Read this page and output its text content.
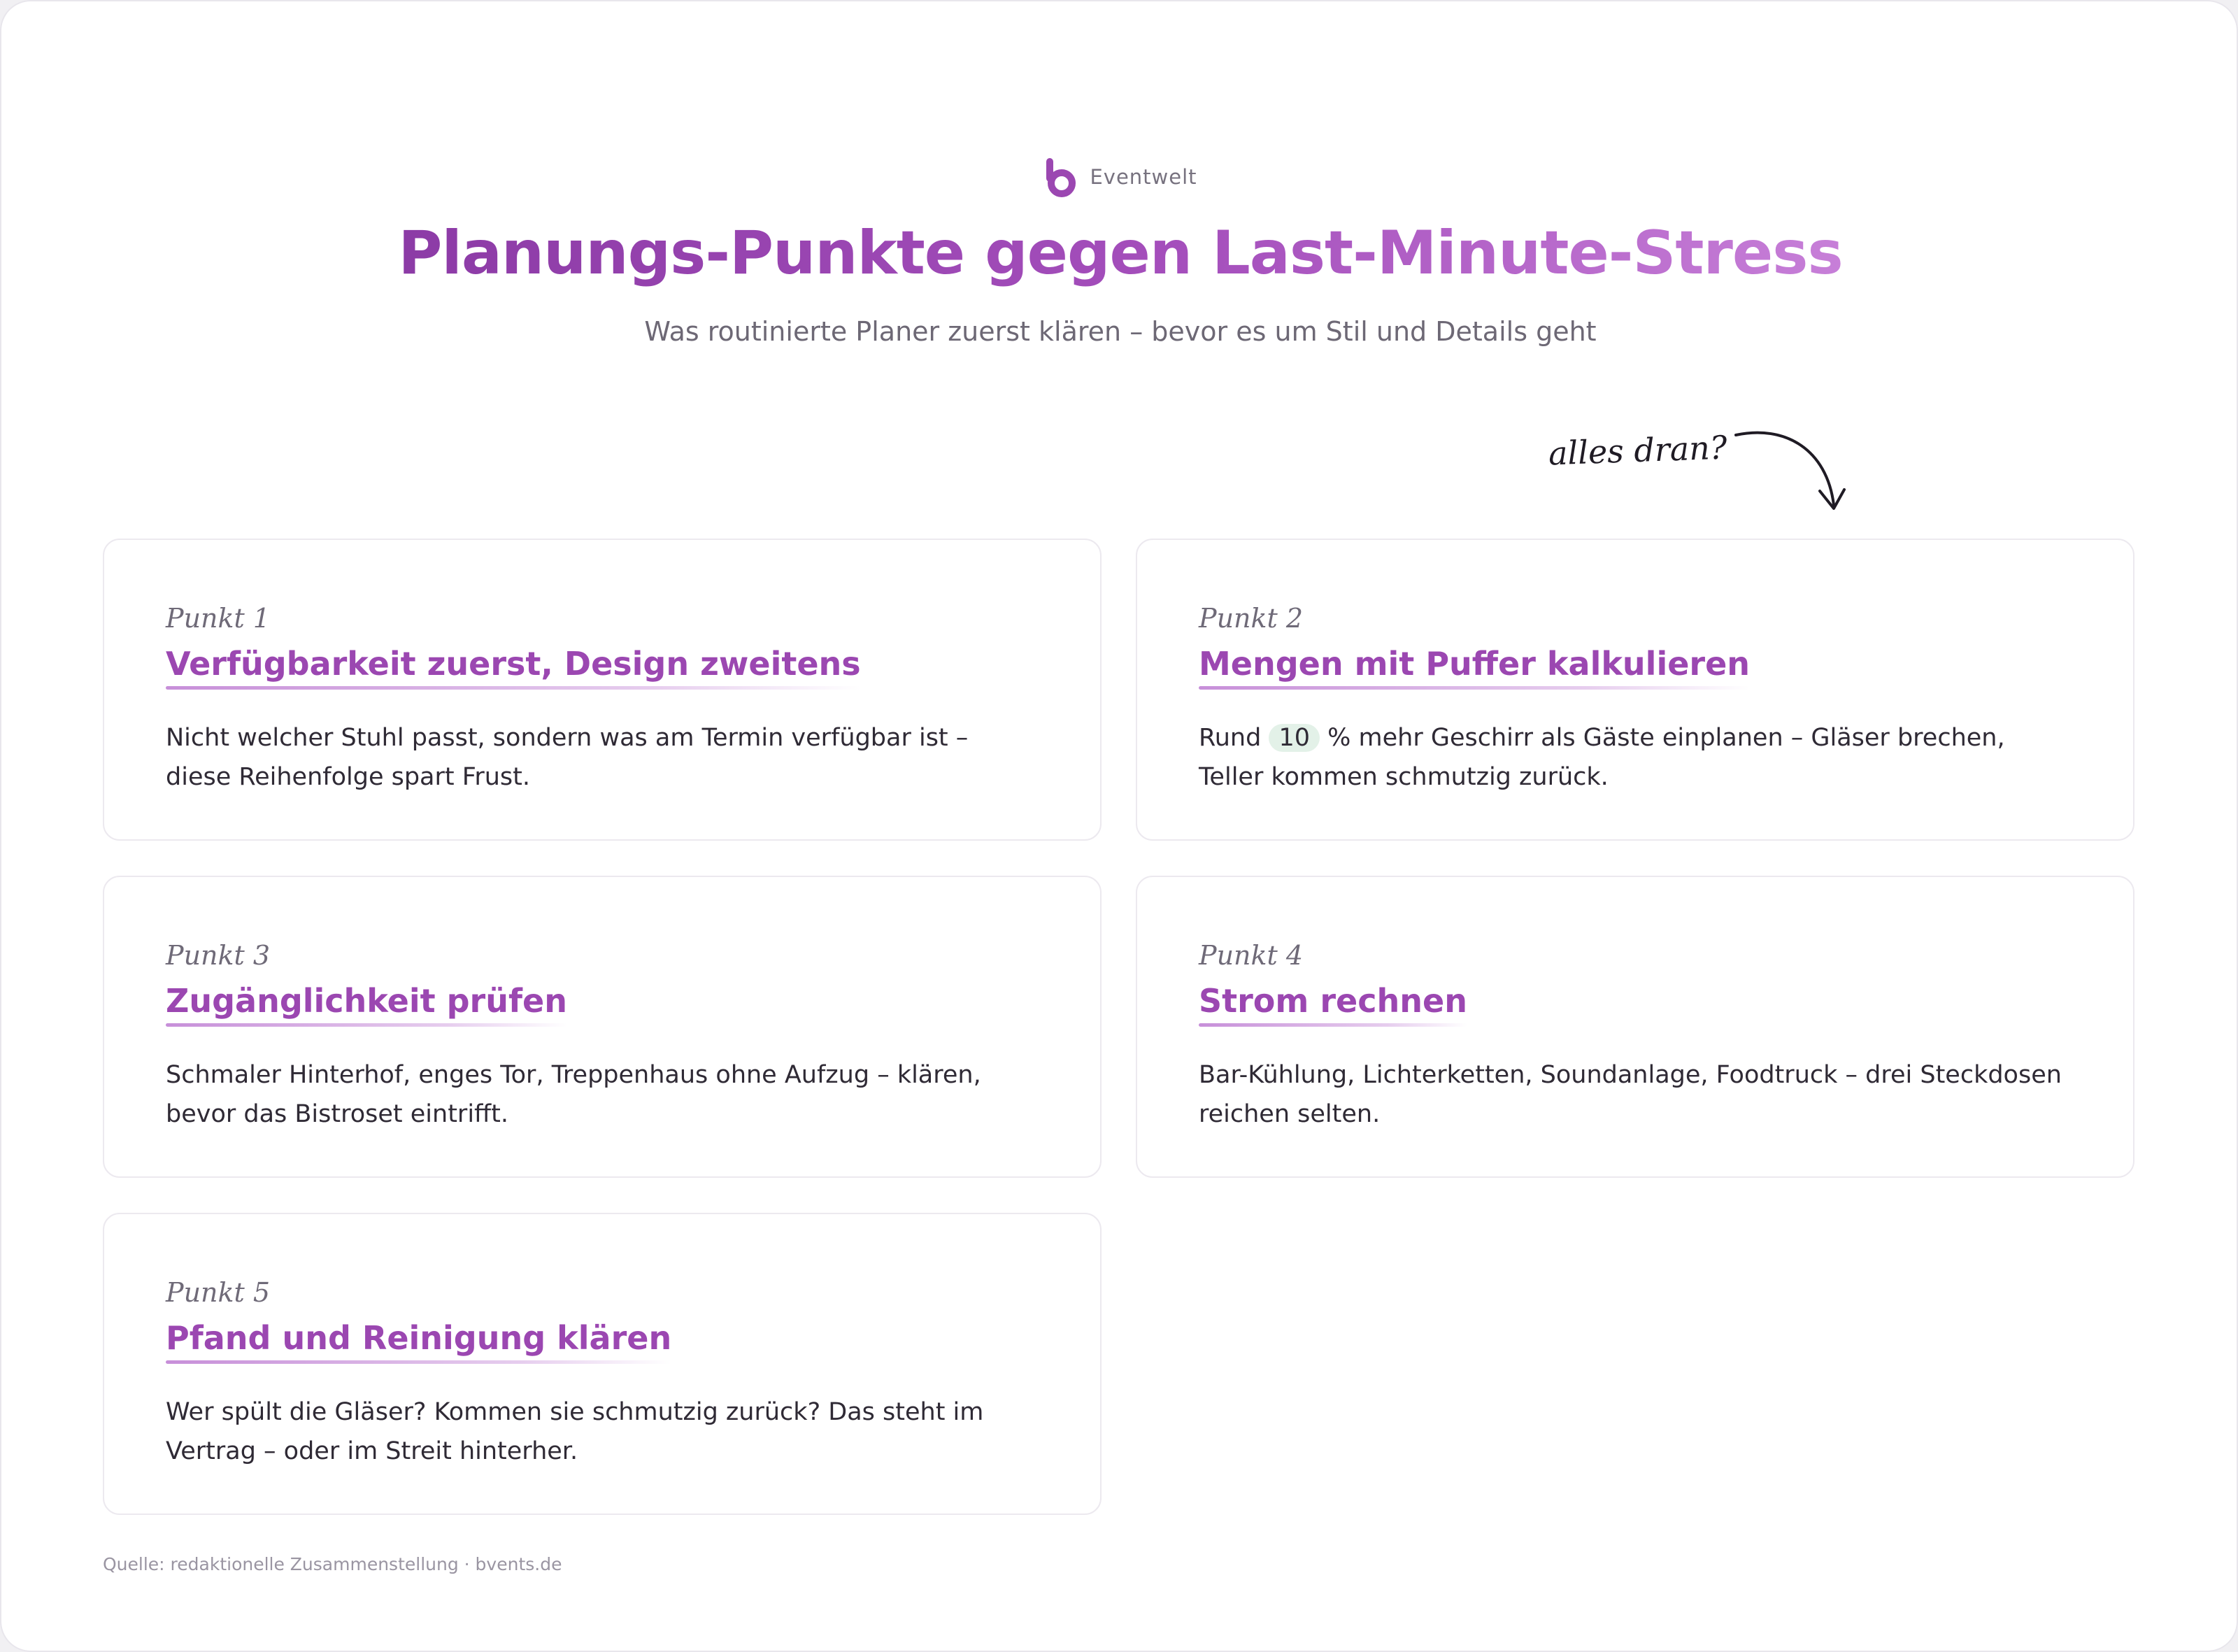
Eventwelt
Planungs-Punkte gegen Last-Minute-Stress
Was routinierte Planer zuerst klären – bevor es um Stil und Details geht
alles dran?
Punkt 1
Verfügbarkeit zuerst, Design zweitens
Nicht welcher Stuhl passt, sondern was am Termin verfügbar ist – diese Reihenfolge spart Frust.
Punkt 2
Mengen mit Puffer kalkulieren
Rund 10 % mehr Geschirr als Gäste einplanen – Gläser brechen, Teller kommen schmutzig zurück.
Punkt 3
Zugänglichkeit prüfen
Schmaler Hinterhof, enges Tor, Treppenhaus ohne Aufzug – klären, bevor das Bistroset eintrifft.
Punkt 4
Strom rechnen
Bar-Kühlung, Lichterketten, Soundanlage, Foodtruck – drei Steckdosen reichen selten.
Punkt 5
Pfand und Reinigung klären
Wer spült die Gläser? Kommen sie schmutzig zurück? Das steht im Vertrag – oder im Streit hinterher.
Quelle: redaktionelle Zusammenstellung · bvents.de
